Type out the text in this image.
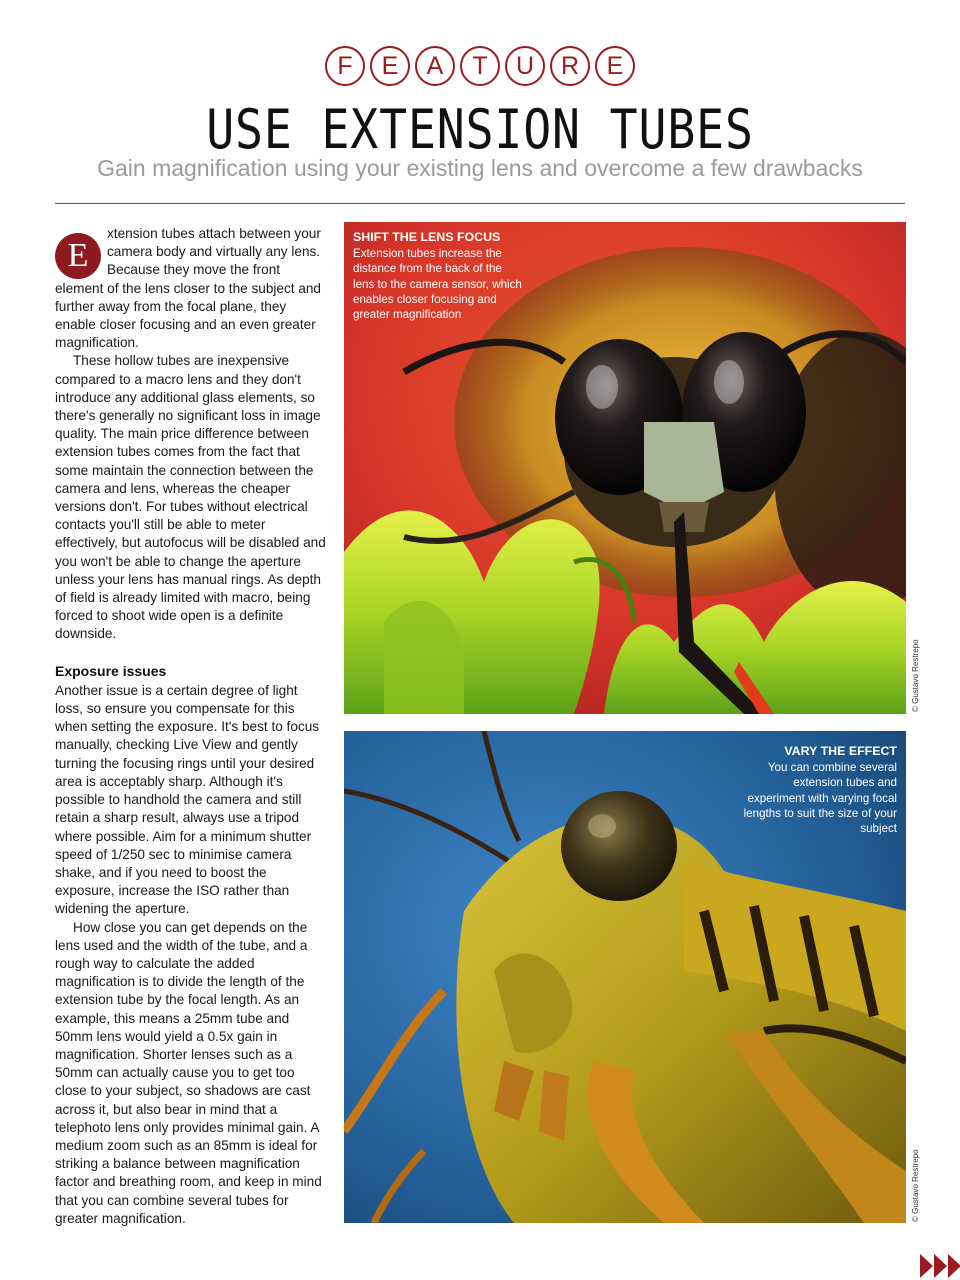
F	E	A	T	U	R	E
USE EXTENSION TUBES
Gain magnification using your existing lens and overcome a few drawbacks

E
xtension tubes attach between your camera body and virtually any lens. Because they move the front element of the lens closer to the subject and further away from the focal plane, they enable closer focusing and an even greater magnification.

These hollow tubes are inexpensive compared to a macro lens and they don't introduce any additional glass elements, so there's generally no significant loss in image quality. The main price difference between extension tubes comes from the fact that some maintain the connection between the camera and lens, whereas the cheaper versions don't. For tubes without electrical contacts you'll still be able to meter effectively, but autofocus will be disabled and you won't be able to change the aperture unless your lens has manual rings. As depth of field is already limited with macro, being forced to shoot wide open is a definite downside.

Exposure issues

Another issue is a certain degree of light loss, so ensure you compensate for this when setting the exposure. It's best to focus manually, checking Live View and gently turning the focusing rings until your desired area is acceptably sharp. Although it's possible to handhold the camera and still retain a sharp result, always use a tripod where possible. Aim for a minimum shutter speed of 1/250 sec to minimise camera shake, and if you need to boost the exposure, increase the ISO rather than widening the aperture.

How close you can get depends on the lens used and the width of the tube, and a rough way to calculate the added magnification is to divide the length of the extension tube by the focal length. As an example, this means a 25mm tube and 50mm lens would yield a 0.5x gain in magnification. Shorter lenses such as a 50mm can actually cause you to get too close to your subject, so shadows are cast across it, but also bear in mind that a telephoto lens only provides minimal gain. A medium zoom such as an 85mm is ideal for striking a balance between magnification factor and breathing room, and keep in mind that you can combine several tubes for greater magnification.

SHIFT THE LENS FOCUS
Extension tubes increase the distance from the back of the lens to the camera sensor, which enables closer focusing and greater magnification
© Gustavo Restrepo
VARY THE EFFECT
You can combine several extension tubes and experiment with varying focal lengths to suit the size of your subject
© Gustavo Restrepo
